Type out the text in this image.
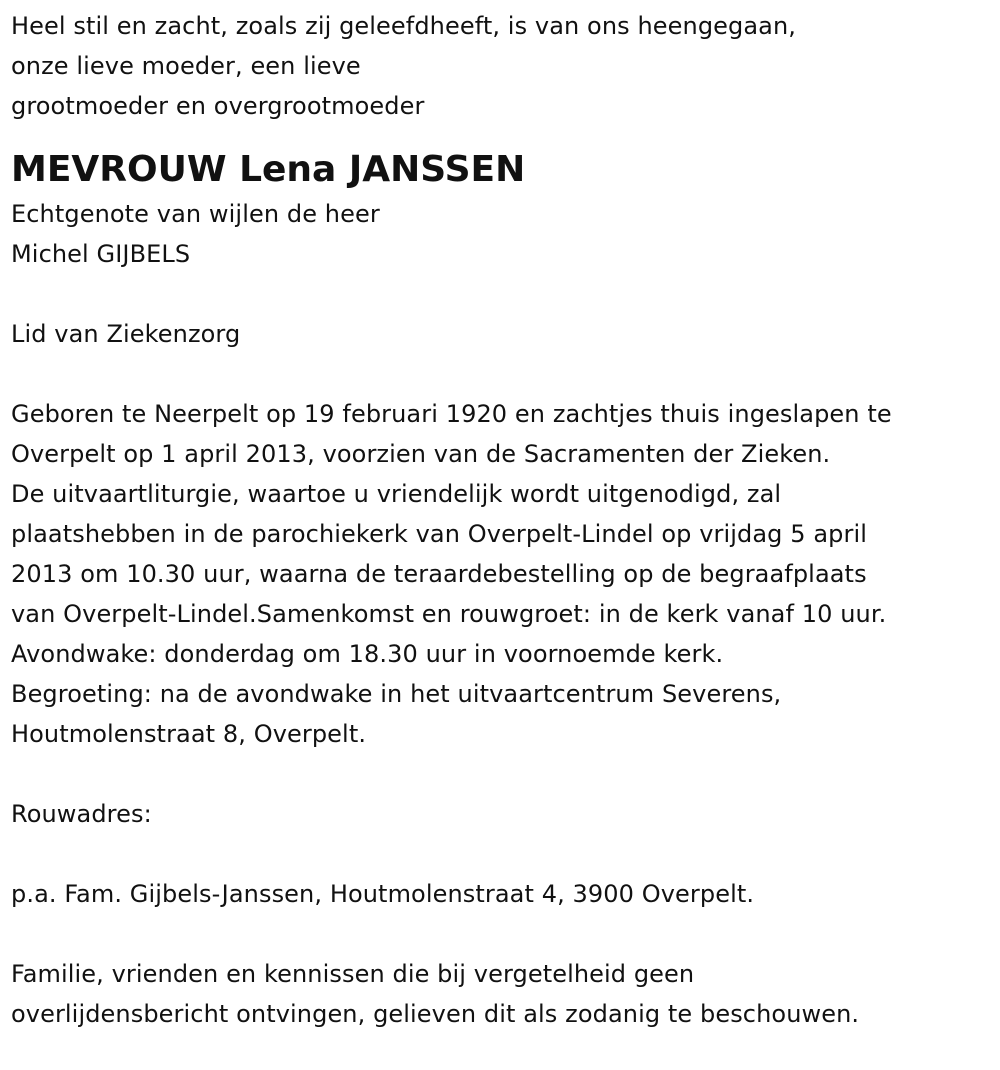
Heel stil en zacht, zoals zij geleefdheeft, is van ons heengegaan,
onze lieve moeder, een lieve
grootmoeder en overgrootmoeder
MEVROUW Lena JANSSEN
Echtgenote van wijlen de heer
Michel GIJBELS
Lid van Ziekenzorg
Geboren te Neerpelt op 19 februari 1920 en zachtjes thuis ingeslapen te
Overpelt op 1 april 2013, voorzien van de Sacramenten der Zieken.
De uitvaartliturgie, waartoe u vriendelijk wordt uitgenodigd, zal
plaatshebben in de parochiekerk van Overpelt-Lindel op vrijdag 5 april
2013 om 10.30 uur, waarna de teraardebestelling op de begraafplaats
van Overpelt-Lindel.Samenkomst en rouwgroet: in de kerk vanaf 10 uur.
Avondwake: donderdag om 18.30 uur in voornoemde kerk.
Begroeting: na de avondwake in het uitvaartcentrum Severens,
Houtmolenstraat 8, Overpelt.
Rouwadres:
p.a. Fam. Gijbels-Janssen, Houtmolenstraat 4, 3900 Overpelt.
Familie, vrienden en kennissen die bij vergetelheid geen
overlijdensbericht ontvingen, gelieven dit als zodanig te beschouwen.
